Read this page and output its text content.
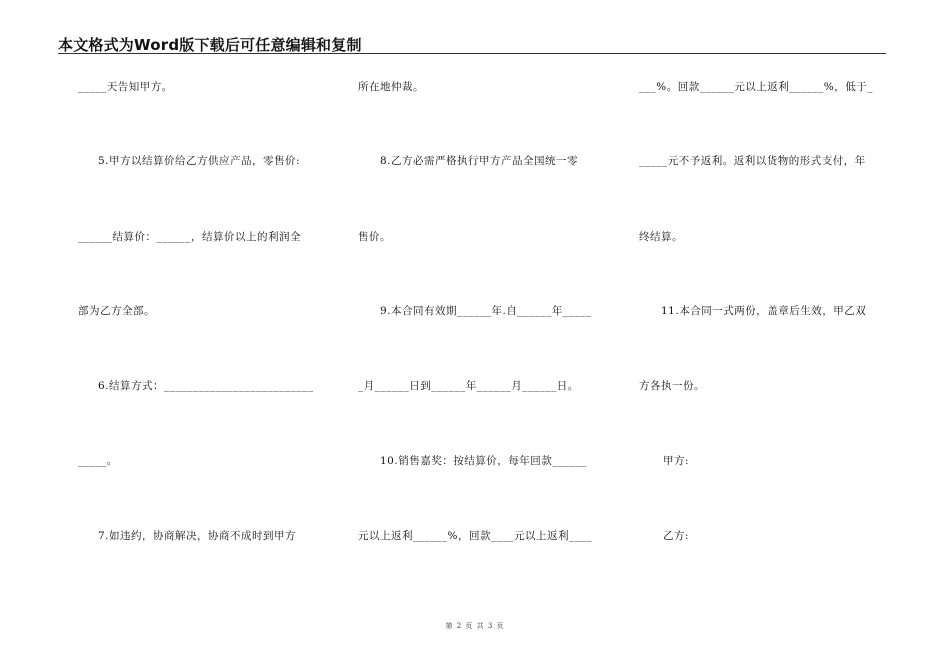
本文格式为Word版下载后可任意编辑和复制
_____天告知甲方。
5.甲方以结算价给乙方供应产品，零售价:
______结算价：______，结算价以上的利润全
部为乙方全部。
6.结算方式：__________________________
_____。
7.如违约，协商解决，协商不成时到甲方
所在地仲裁。
8.乙方必需严格执行甲方产品全国统一零
售价。
9.本合同有效期______年.自______年_____
_月______日到______年______月______日。
10.销售嘉奖：按结算价，每年回款______
元以上返利______%，回款____元以上返利____
___%。回款______元以上返利______%，低于_
_____元不予返利。返利以货物的形式支付，年
终结算。
11.本合同一式两份，盖章后生效，甲乙双
方各执一份。
甲方:
乙方:
第 2 页 共 3 页
